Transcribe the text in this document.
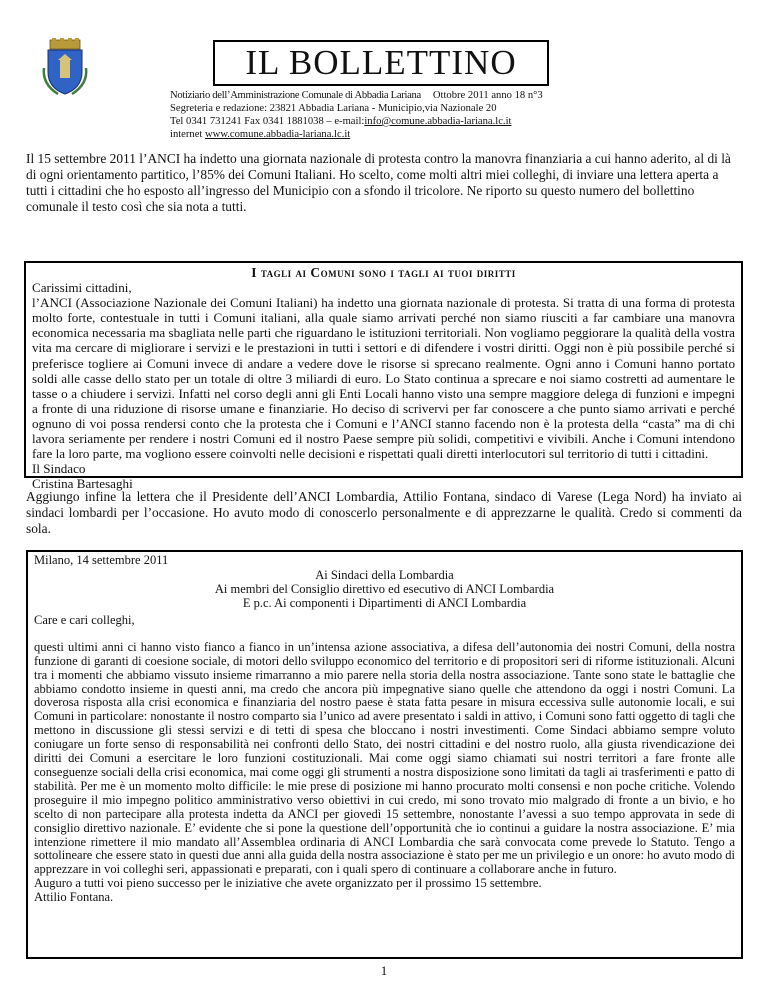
IL BOLLETTINO
Notiziario dell’Amministrazione Comunale di Abbadia Lariana Ottobre 2011 anno 18 n°3
Segreteria e redazione: 23821 Abbadia Lariana - Municipio,via Nazionale 20
Tel 0341 731241 Fax 0341 1881038 – e-mail:info@comune.abbadia-lariana.lc.it
internet www.comune.abbadia-lariana.lc.it
Il 15 settembre 2011 l’ANCI ha indetto una giornata nazionale di protesta contro la manovra finanziaria a cui hanno aderito, al di là di ogni orientamento partitico, l’85% dei Comuni Italiani. Ho scelto, come molti altri miei colleghi, di inviare una lettera aperta a tutti i cittadini che ho esposto all’ingresso del Municipio con a sfondo il tricolore. Ne riporto su questo numero del bollettino comunale il testo così che sia nota a tutti.
I tagli ai Comuni sono i tagli ai tuoi diritti

Carissimi cittadini,

l’ANCI (Associazione Nazionale dei Comuni Italiani) ha indetto una giornata nazionale di protesta. Si tratta di una forma di protesta molto forte, contestuale in tutti i Comuni italiani, alla quale siamo arrivati perché non siamo riusciti a far cambiare una manovra economica necessaria ma sbagliata nelle parti che riguardano le istituzioni territoriali. Non vogliamo peggiorare la qualità della vostra vita ma cercare di migliorare i servizi e le prestazioni in tutti i settori e di difendere i vostri diritti. Oggi non è più possibile perché si preferisce togliere ai Comuni invece di andare a vedere dove le risorse si sprecano realmente. Ogni anno i Comuni hanno portato soldi alle casse dello stato per un totale di oltre 3 miliardi di euro. Lo Stato continua a sprecare e noi siamo costretti ad aumentare le tasse o a chiudere i servizi. Infatti nel corso degli anni gli Enti Locali hanno visto una sempre maggiore delega di funzioni e impegni a fronte di una riduzione di risorse umane e finanziarie. Ho deciso di scrivervi per far conoscere a che punto siamo arrivati e perché ognuno di voi possa rendersi conto che la protesta che i Comuni e l’ANCI stanno facendo non è la protesta della “casta” ma di chi lavora seriamente per rendere i nostri Comuni ed il nostro Paese sempre più solidi, competitivi e vivibili. Anche i Comuni intendono fare la loro parte, ma vogliono essere coinvolti nelle decisioni e rispettati quali diretti interlocutori sul territorio di tutti i cittadini.

Il Sindaco

Cristina Bartesaghi

Aggiungo infine la lettera che il Presidente dell’ANCI Lombardia, Attilio Fontana, sindaco di Varese (Lega Nord) ha inviato ai sindaci lombardi per l’occasione. Ho avuto modo di conoscerlo personalmente e di apprezzarne le qualità. Credo si commenti da sola.

Milano, 14 settembre 2011

Ai Sindaci della Lombardia

Ai membri del Consiglio direttivo ed esecutivo di ANCI Lombardia

E p.c. Ai componenti i Dipartimenti di ANCI Lombardia

Care e cari colleghi,

questi ultimi anni ci hanno visto fianco a fianco in un’intensa azione associativa, a difesa dell’autonomia dei nostri Comuni, della nostra funzione di garanti di coesione sociale, di motori dello sviluppo economico del territorio e di propositori seri di riforme istituzionali. Alcuni tra i momenti che abbiamo vissuto insieme rimarranno a mio parere nella storia della nostra associazione. Tante sono state le battaglie che abbiamo condotto insieme in questi anni, ma credo che ancora più impegnative siano quelle che attendono da oggi i nostri Comuni. La doverosa risposta alla crisi economica e finanziaria del nostro paese è stata fatta pesare in misura eccessiva sulle autonomie locali, e sui Comuni in particolare: nonostante il nostro comparto sia l’unico ad avere presentato i saldi in attivo, i Comuni sono fatti oggetto di tagli che mettono in discussione gli stessi servizi e di tetti di spesa che bloccano i nostri investimenti. Come Sindaci abbiamo sempre voluto coniugare un forte senso di responsabilità nei confronti dello Stato, dei nostri cittadini e del nostro ruolo, alla giusta rivendicazione dei diritti dei Comuni a esercitare le loro funzioni costituzionali. Mai come oggi siamo chiamati sui nostri territori a fare fronte alle conseguenze sociali della crisi economica, mai come oggi gli strumenti a nostra disposizione sono limitati da tagli ai trasferimenti e patto di stabilità. Per me è un momento molto difficile: le mie prese di posizione mi hanno procurato molti consensi e non poche critiche. Volendo proseguire il mio impegno politico amministrativo verso obiettivi in cui credo, mi sono trovato mio malgrado di fronte a un bivio, e ho scelto di non partecipare alla protesta indetta da ANCI per giovedì 15 settembre, nonostante l’avessi a suo tempo approvata in sede di consiglio direttivo nazionale. E’ evidente che si pone la questione dell’opportunità che io continui a guidare la nostra associazione. E’ mia intenzione rimettere il mio mandato all’Assemblea ordinaria di ANCI Lombardia che sarà convocata come prevede lo Statuto. Tengo a sottolineare che essere stato in questi due anni alla guida della nostra associazione è stato per me un privilegio e un onore: ho avuto modo di apprezzare in voi colleghi seri, appassionati e preparati, con i quali spero di continuare a collaborare anche in futuro.

Auguro a tutti voi pieno successo per le iniziative che avete organizzato per il prossimo 15 settembre.

Attilio Fontana.

1
